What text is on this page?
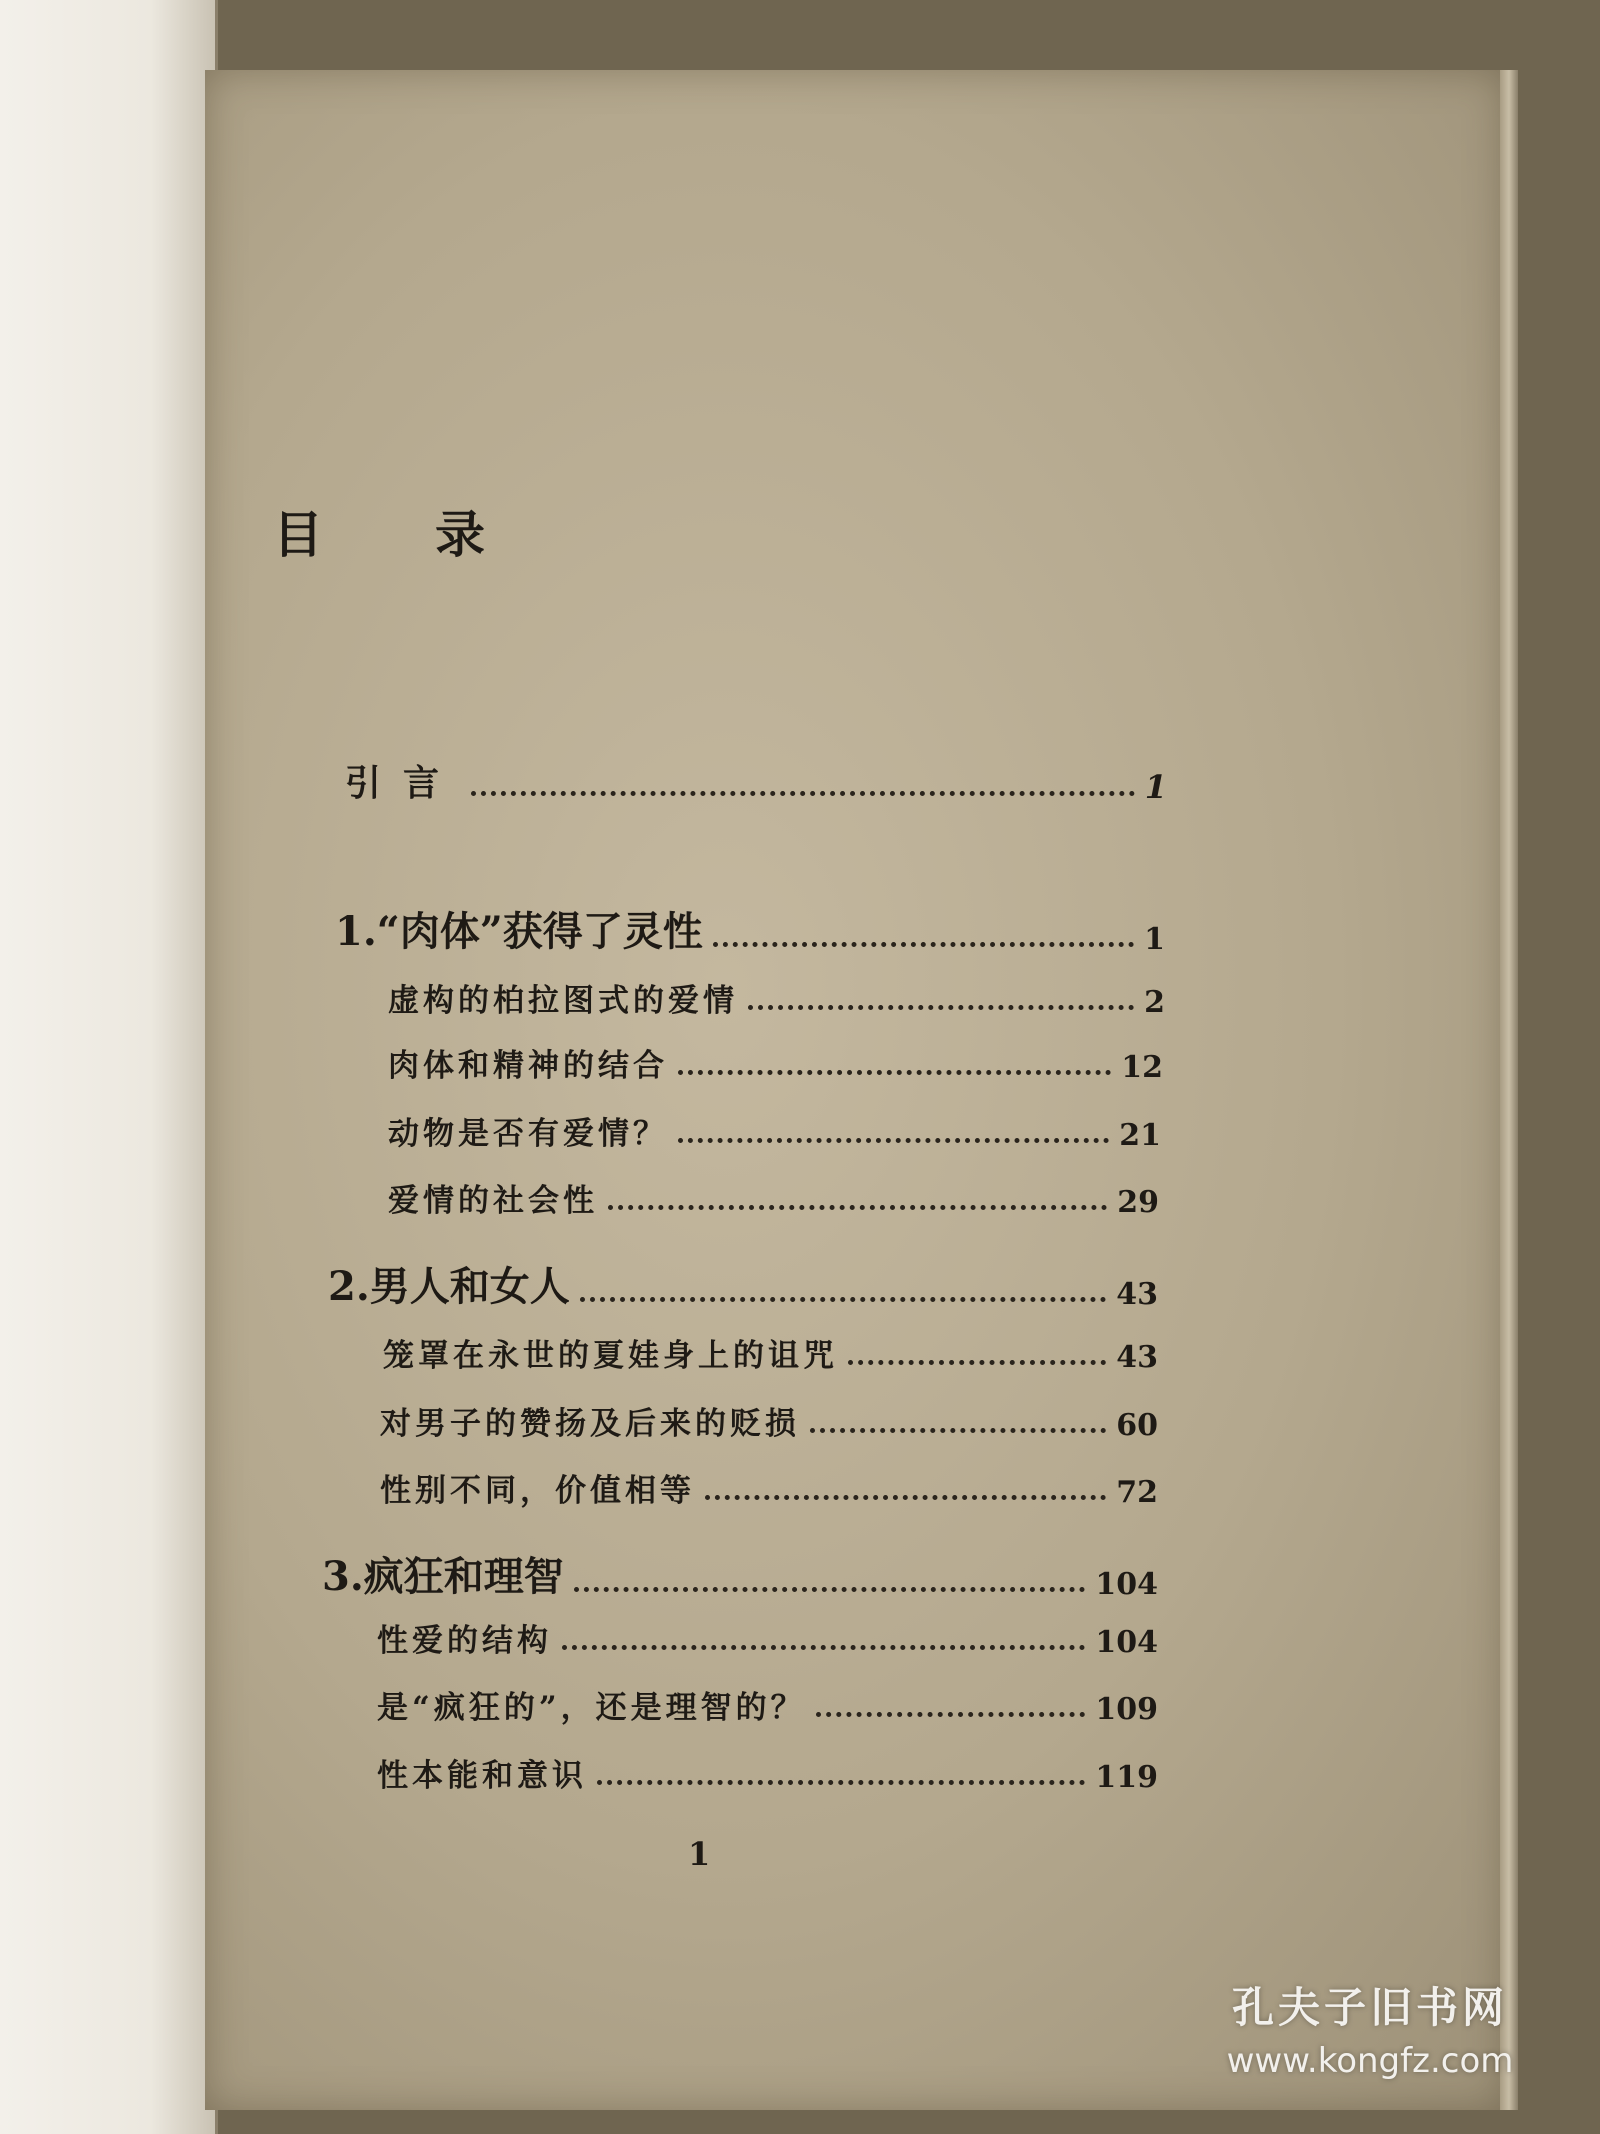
目 录
引言	1
1.“肉体”获得了灵性	1
虚构的柏拉图式的爱情	2
肉体和精神的结合	12
动物是否有爱情？	21
爱情的社会性	29
2.男人和女人	43
笼罩在永世的夏娃身上的诅咒	43
对男子的赞扬及后来的贬损	60
性别不同，价值相等	72
3.疯狂和理智	104
性爱的结构	104
是“疯狂的”，还是理智的？	109
性本能和意识	119
1
孔夫子旧书网
www.kongfz.com
